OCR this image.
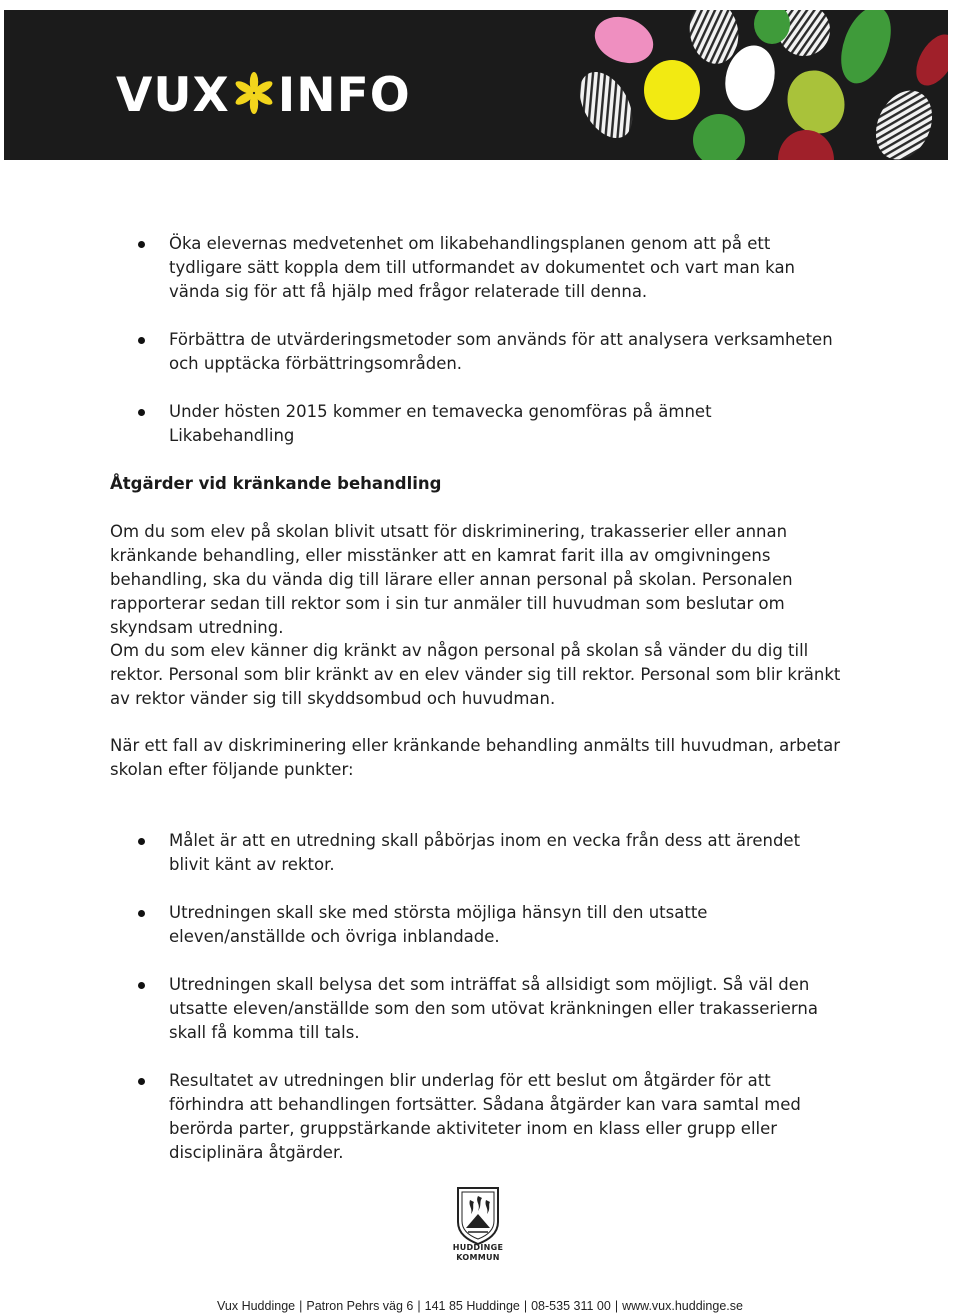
VUX INFO
Öka elevernas medvetenhet om likabehandlingsplanen genom att på ett tydligare sätt koppla dem till utformandet av dokumentet och vart man kan vända sig för att få hjälp med frågor relaterade till denna.
Förbättra de utvärderingsmetoder som används för att analysera verksamheten och upptäcka förbättringsområden.
Under hösten 2015 kommer en temavecka genomföras på ämnet Likabehandling
Åtgärder vid kränkande behandling

Om du som elev på skolan blivit utsatt för diskriminering, trakasserier eller annan kränkande behandling, eller misstänker att en kamrat farit illa av omgivningens behandling, ska du vända dig till lärare eller annan personal på skolan. Personalen rapporterar sedan till rektor som i sin tur anmäler till huvudman som beslutar om skyndsam utredning.

Om du som elev känner dig kränkt av någon personal på skolan så vänder du dig till rektor. Personal som blir kränkt av en elev vänder sig till rektor. Personal som blir kränkt av rektor vänder sig till skyddsombud och huvudman.

När ett fall av diskriminering eller kränkande behandling anmälts till huvudman, arbetar skolan efter följande punkter:

Målet är att en utredning skall påbörjas inom en vecka från dess att ärendet blivit känt av rektor.
Utredningen skall ske med största möjliga hänsyn till den utsatte eleven/anställde och övriga inblandade.
Utredningen skall belysa det som inträffat så allsidigt som möjligt. Så väl den utsatte eleven/anställde som den som utövat kränkningen eller trakasserierna skall få komma till tals.
Resultatet av utredningen blir underlag för ett beslut om åtgärder för att förhindra att behandlingen fortsätter. Sådana åtgärder kan vara samtal med berörda parter, gruppstärkande aktiviteter inom en klass eller grupp eller disciplinära åtgärder.
HUDDINGE
KOMMUN
Vux Huddinge | Patron Pehrs väg 6 | 141 85 Huddinge | 08-535 311 00 | www.vux.huddinge.se
